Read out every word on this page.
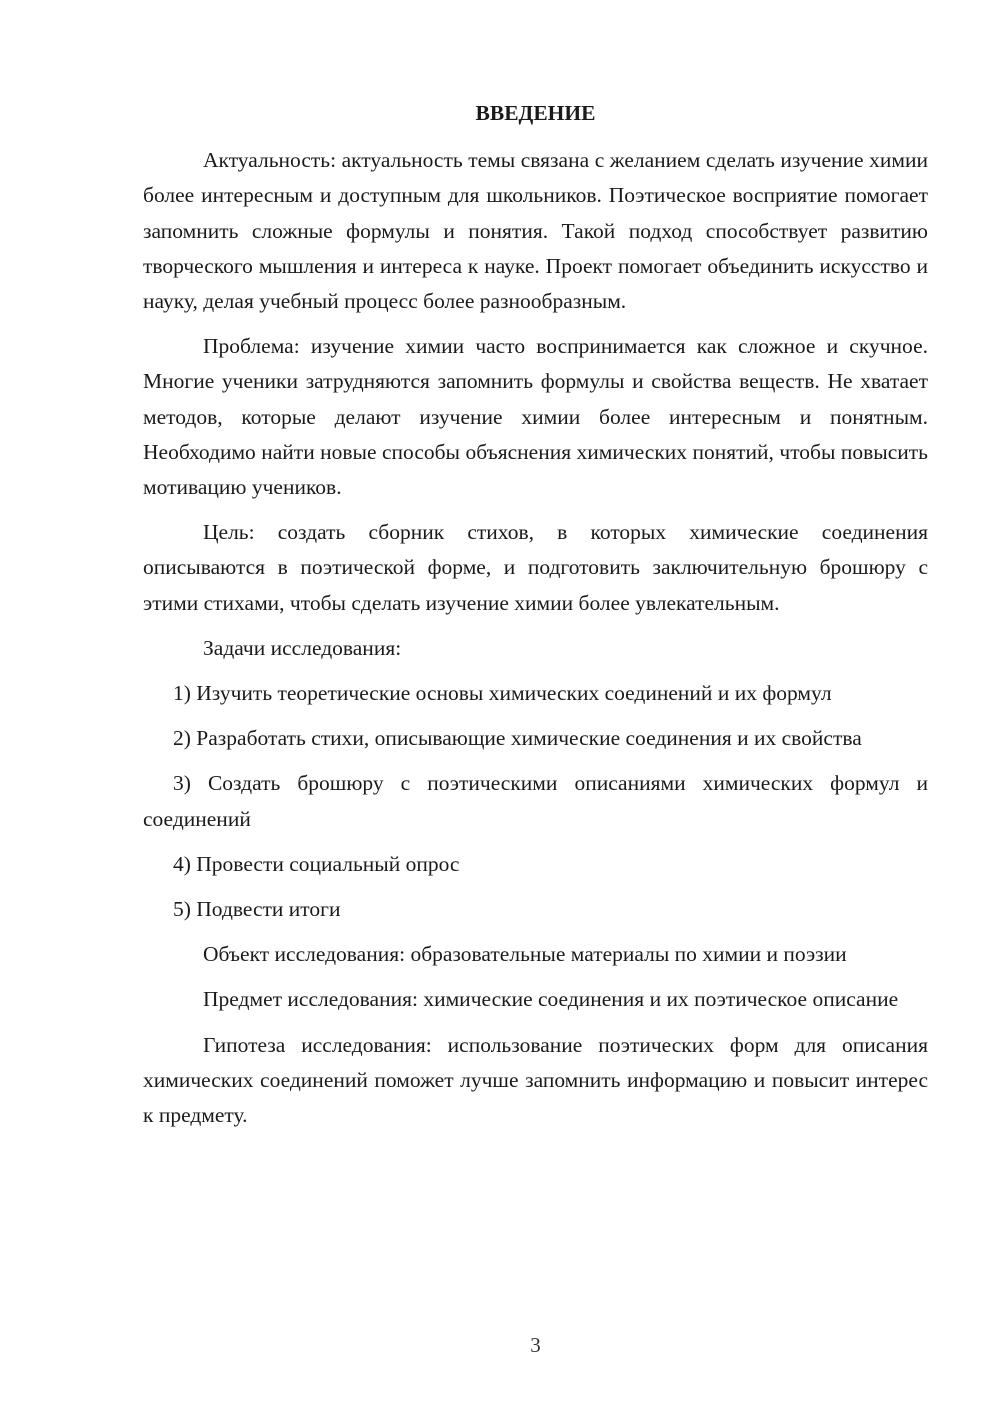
ВВЕДЕНИЕ

Актуальность: актуальность темы связана с желанием сделать изучение химии более интересным и доступным для школьников. Поэтическое восприятие помогает запомнить сложные формулы и понятия. Такой подход способствует развитию творческого мышления и интереса к науке. Проект помогает объединить искусство и науку, делая учебный процесс более разнообразным.

Проблема: изучение химии часто воспринимается как сложное и скучное. Многие ученики затрудняются запомнить формулы и свойства веществ. Не хватает методов, которые делают изучение химии более интересным и понятным. Необходимо найти новые способы объяснения химических понятий, чтобы повысить мотивацию учеников.

Цель: создать сборник стихов, в которых химические соединения описываются в поэтической форме, и подготовить заключительную брошюру с этими стихами, чтобы сделать изучение химии более увлекательным.

Задачи исследования:

1) Изучить теоретические основы химических соединений и их формул

2) Разработать стихи, описывающие химические соединения и их свойства

3) Создать брошюру с поэтическими описаниями химических формул и соединений

4) Провести социальный опрос

5) Подвести итоги

Объект исследования: образовательные материалы по химии и поэзии

Предмет исследования: химические соединения и их поэтическое описание

Гипотеза исследования: использование поэтических форм для описания химических соединений поможет лучше запомнить информацию и повысит интерес к предмету.

3
